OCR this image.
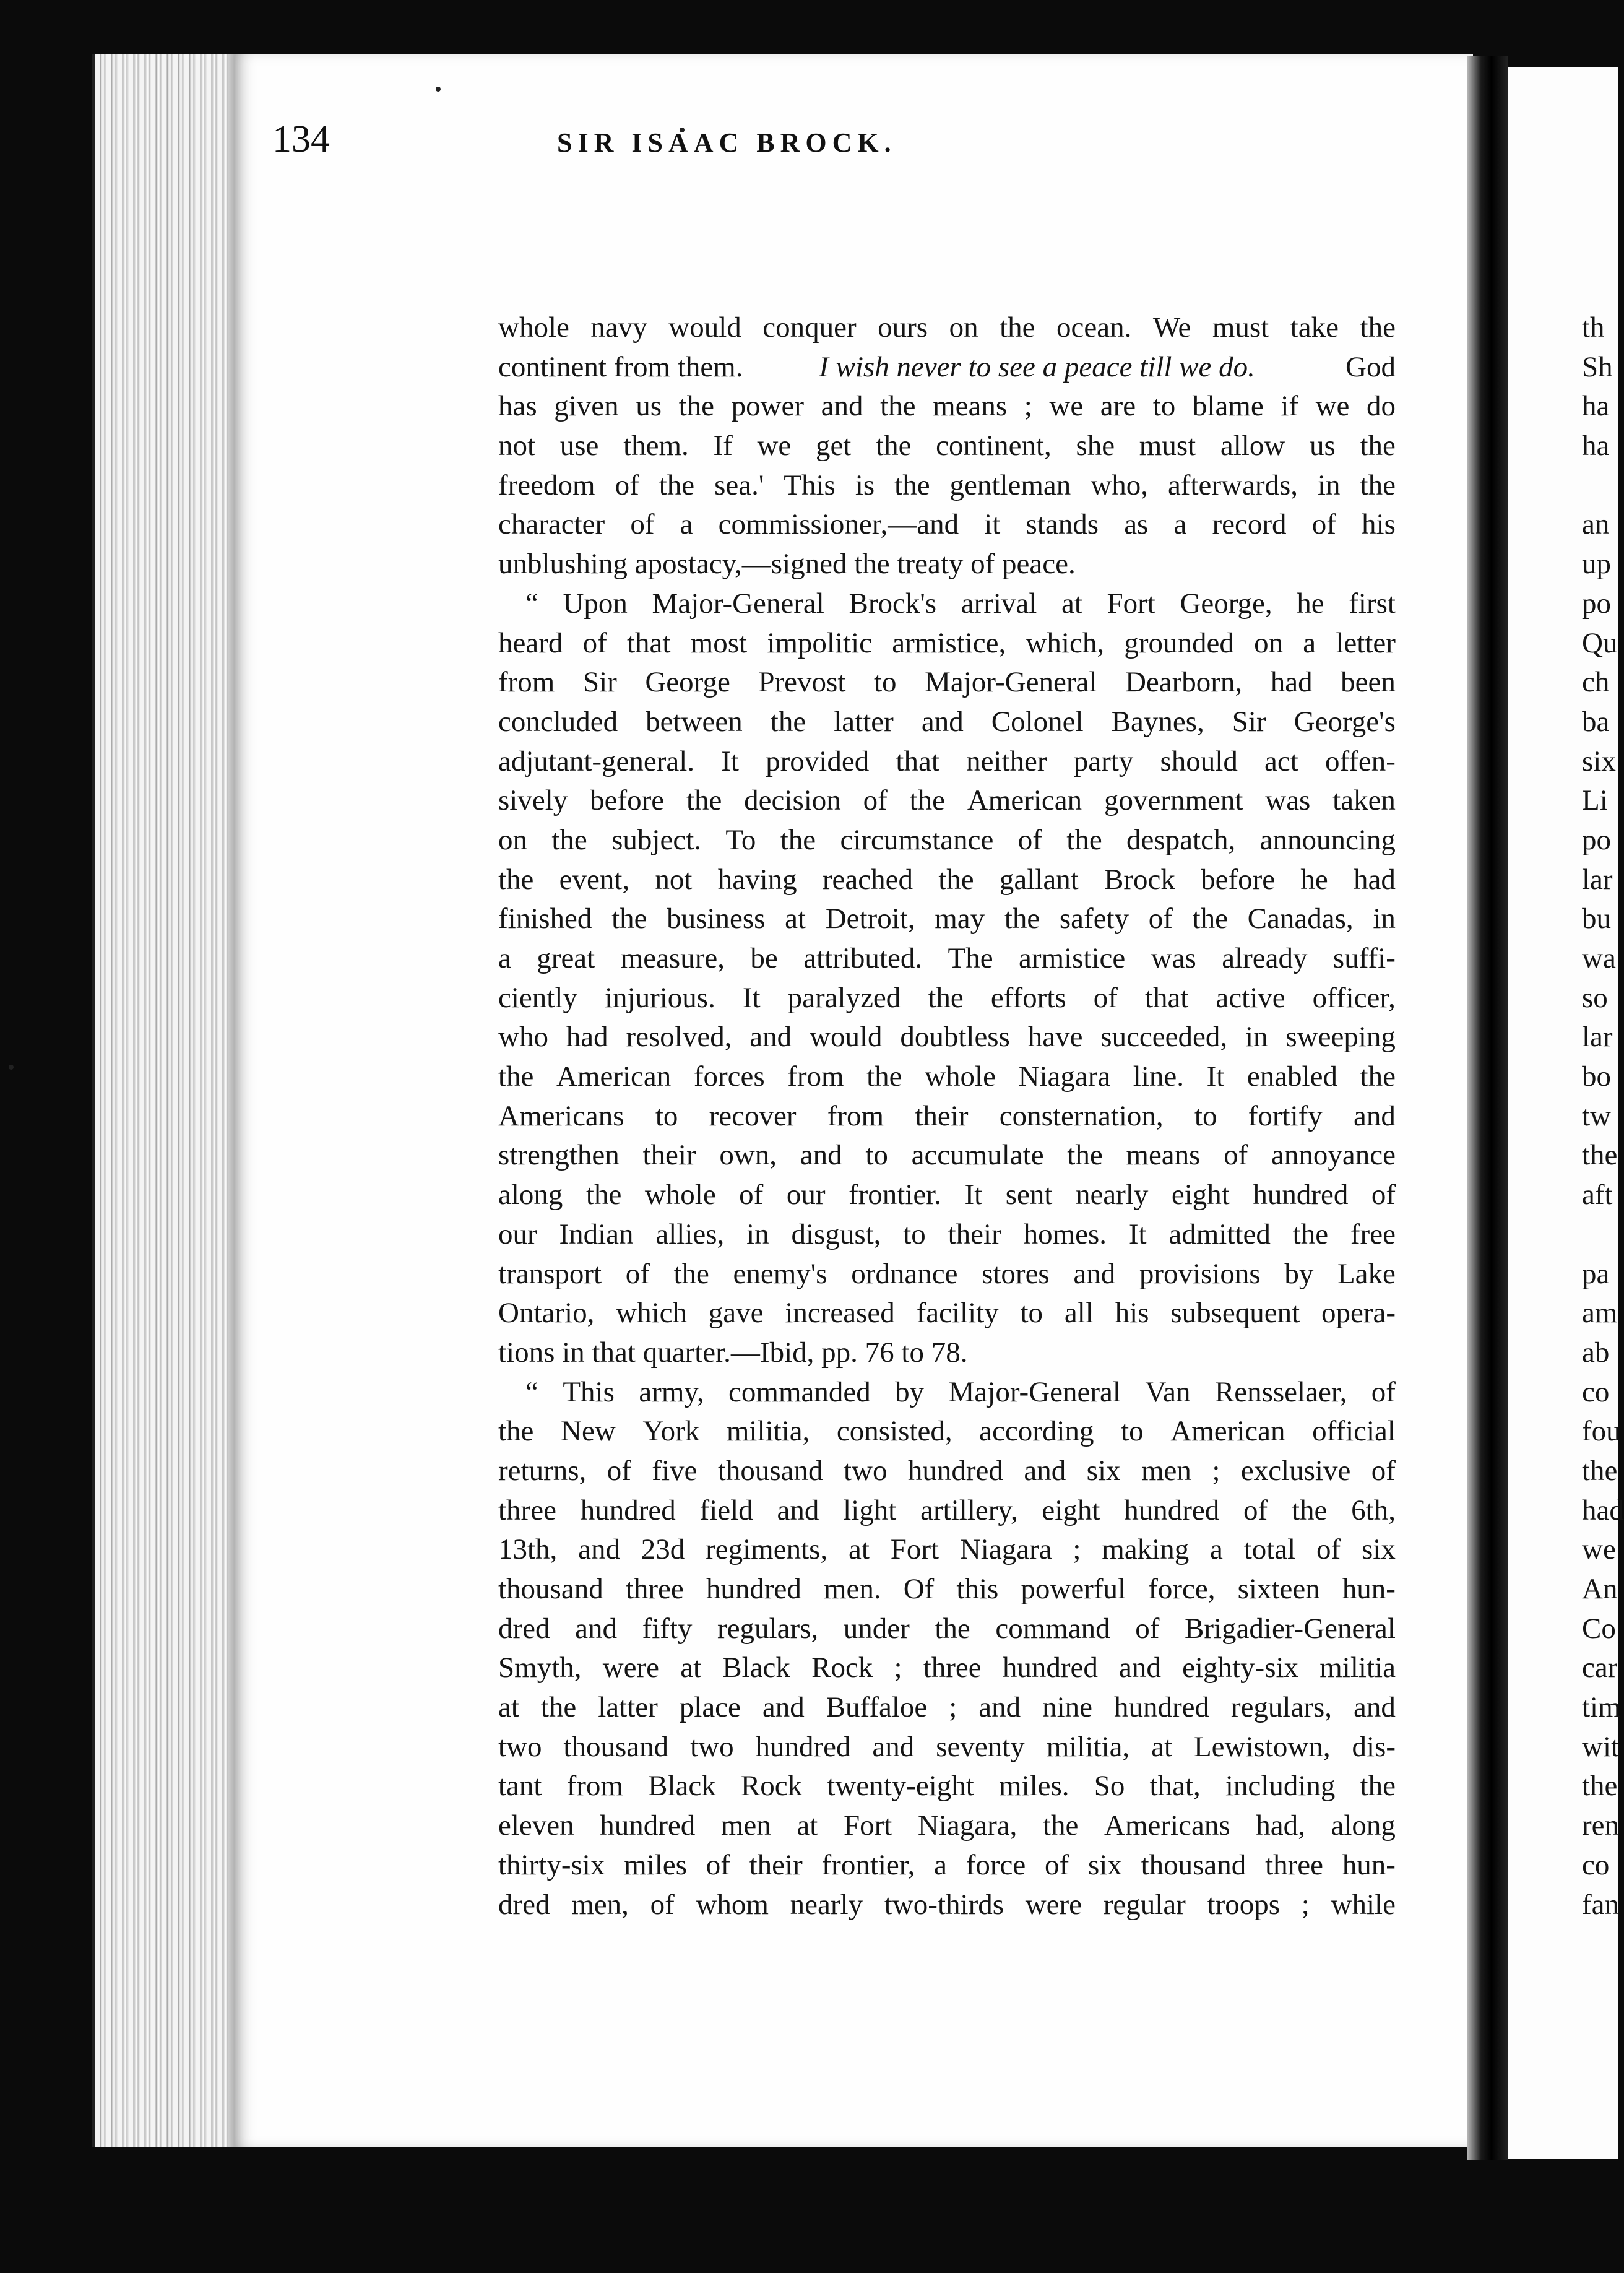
134	SIR ISAAC BROCK.
whole navy would conquer ours on the ocean. We must take the
continent from them.	I wish never to see a peace till we do.	God
has given us the power and the means ; we are to blame if we do
not use them. If we get the continent, she must allow us the
freedom of the sea.' This is the gentleman who, afterwards, in the
character of a commissioner,—and it stands as a record of his
unblushing apostacy,—signed the treaty of peace.
“ Upon Major-General Brock's arrival at Fort George, he first
heard of that most impolitic armistice, which, grounded on a letter
from Sir George Prevost to Major-General Dearborn, had been
concluded between the latter and Colonel Baynes, Sir George's
adjutant-general. It provided that neither party should act offen-
sively before the decision of the American government was taken
on the subject. To the circumstance of the despatch, announcing
the event, not having reached the gallant Brock before he had
finished the business at Detroit, may the safety of the Canadas, in
a great measure, be attributed. The armistice was already suffi-
ciently injurious. It paralyzed the efforts of that active officer,
who had resolved, and would doubtless have succeeded, in sweeping
the American forces from the whole Niagara line. It enabled the
Americans to recover from their consternation, to fortify and
strengthen their own, and to accumulate the means of annoyance
along the whole of our frontier. It sent nearly eight hundred of
our Indian allies, in disgust, to their homes. It admitted the free
transport of the enemy's ordnance stores and provisions by Lake
Ontario, which gave increased facility to all his subsequent opera-
tions in that quarter.—Ibid, pp. 76 to 78.
“ This army, commanded by Major-General Van Rensselaer, of
the New York militia, consisted, according to American official
returns, of five thousand two hundred and six men ; exclusive of
three hundred field and light artillery, eight hundred of the 6th,
13th, and 23d regiments, at Fort Niagara ; making a total of six
thousand three hundred men. Of this powerful force, sixteen hun-
dred and fifty regulars, under the command of Brigadier-General
Smyth, were at Black Rock ; three hundred and eighty-six militia
at the latter place and Buffaloe ; and nine hundred regulars, and
two thousand two hundred and seventy militia, at Lewistown, dis-
tant from Black Rock twenty-eight miles. So that, including the
eleven hundred men at Fort Niagara, the Americans had, along
thirty-six miles of their frontier, a force of six thousand three hun-
dred men, of whom nearly two-thirds were regular troops ; while
th
Sh
ha
ha
an
up
po
Qu
ch
ba
six
Li
po
lar
bu
wa
so
lar
bo
tw
the
aft
pa
am
ab
co
fou
the
had
we
An
Co
car
tim
wit
the
ren
co
fan
